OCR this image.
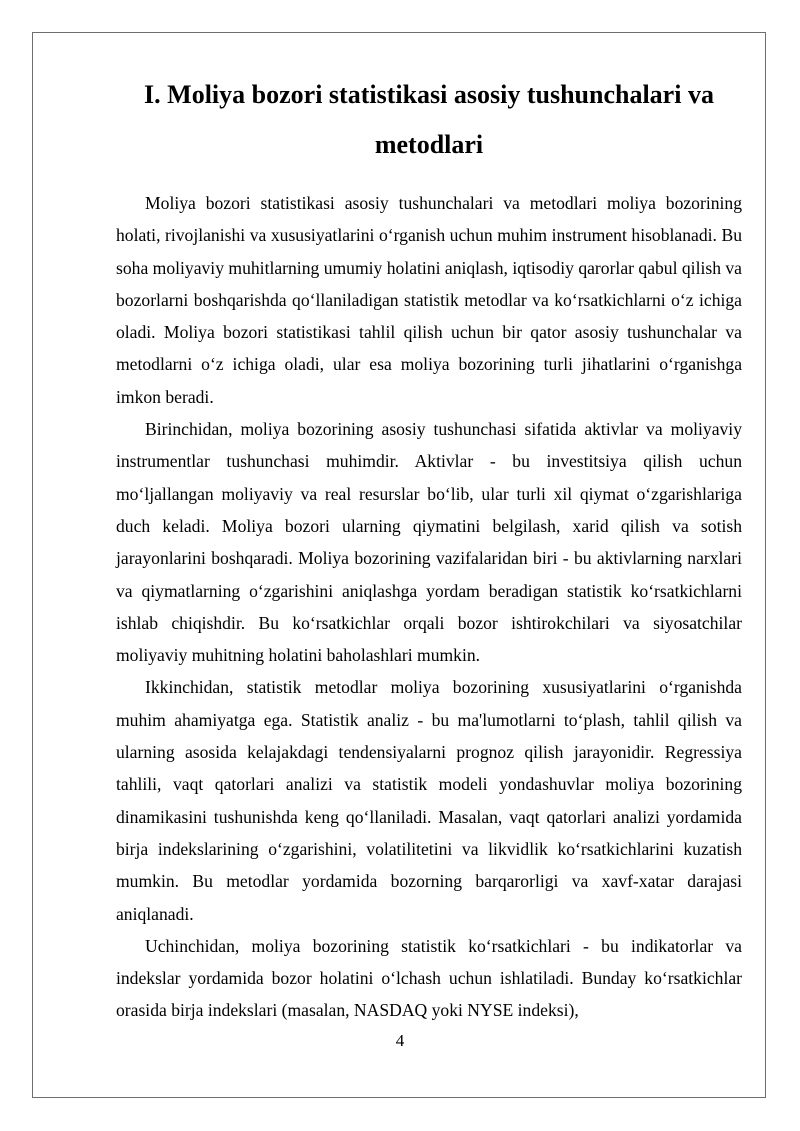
I. Moliya bozori statistikasi asosiy tushunchalari va metodlari

Moliya bozori statistikasi asosiy tushunchalari va metodlari moliya bozorining holati, rivojlanishi va xususiyatlarini o‘rganish uchun muhim instrument hisoblanadi. Bu soha moliyaviy muhitlarning umumiy holatini aniqlash, iqtisodiy qarorlar qabul qilish va bozorlarni boshqarishda qo‘llaniladigan statistik metodlar va ko‘rsatkichlarni o‘z ichiga oladi. Moliya bozori statistikasi tahlil qilish uchun bir qator asosiy tushunchalar va metodlarni o‘z ichiga oladi, ular esa moliya bozorining turli jihatlarini o‘rganishga imkon beradi.

Birinchidan, moliya bozorining asosiy tushunchasi sifatida aktivlar va moliyaviy instrumentlar tushunchasi muhimdir. Aktivlar - bu investitsiya qilish uchun mo‘ljallangan moliyaviy va real resurslar bo‘lib, ular turli xil qiymat o‘zgarishlariga duch keladi. Moliya bozori ularning qiymatini belgilash, xarid qilish va sotish jarayonlarini boshqaradi. Moliya bozorining vazifalaridan biri - bu aktivlarning narxlari va qiymatlarning o‘zgarishini aniqlashga yordam beradigan statistik ko‘rsatkichlarni ishlab chiqishdir. Bu ko‘rsatkichlar orqali bozor ishtirokchilari va siyosatchilar moliyaviy muhitning holatini baholashlari mumkin.

Ikkinchidan, statistik metodlar moliya bozorining xususiyatlarini o‘rganishda muhim ahamiyatga ega. Statistik analiz - bu ma'lumotlarni to‘plash, tahlil qilish va ularning asosida kelajakdagi tendensiyalarni prognoz qilish jarayonidir. Regressiya tahlili, vaqt qatorlari analizi va statistik modeli yondashuvlar moliya bozorining dinamikasini tushunishda keng qo‘llaniladi. Masalan, vaqt qatorlari analizi yordamida birja indekslarining o‘zgarishini, volatilitetini va likvidlik ko‘rsatkichlarini kuzatish mumkin. Bu metodlar yordamida bozorning barqarorligi va xavf-xatar darajasi aniqlanadi.

Uchinchidan, moliya bozorining statistik ko‘rsatkichlari - bu indikatorlar va indekslar yordamida bozor holatini o‘lchash uchun ishlatiladi. Bunday ko‘rsatkichlar orasida birja indekslari (masalan, NASDAQ yoki NYSE indeksi),

4
